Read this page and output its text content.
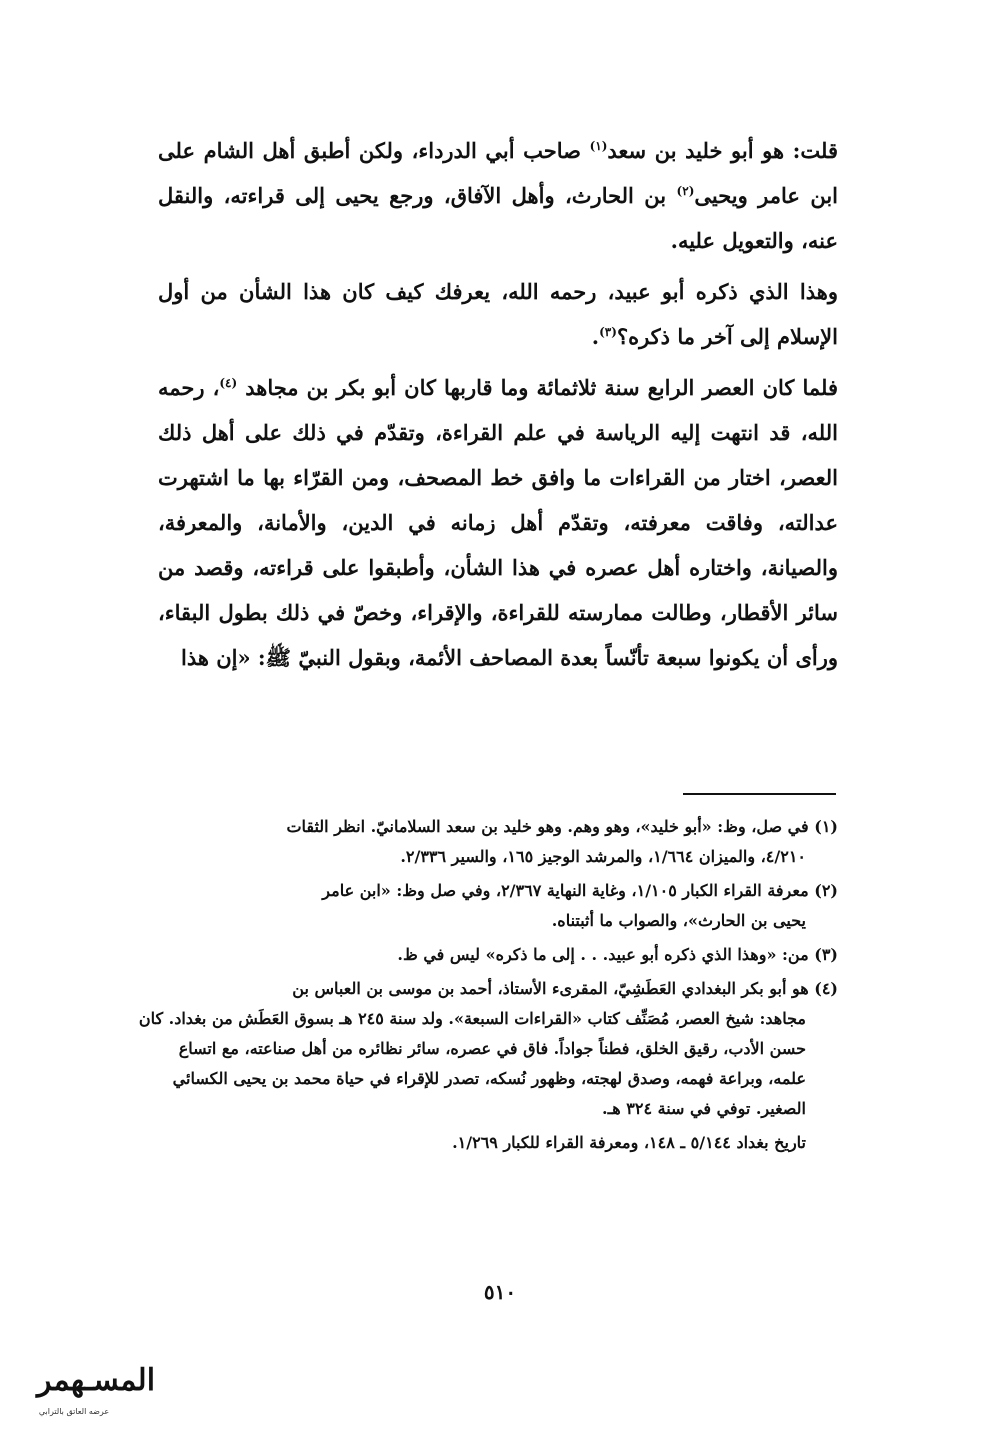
قلت: هو أبو خليد بن سعد$^{(١)}$ صاحب أبي الدرداء، ولكن أطبق أهل الشام على ابن عامر ويحيى$^{(٢)}$ بن الحارث، وأهل الآفاق، ورجع يحيى إلى قراءته، والنقل عنه، والتعويل عليه.

وهذا الذي ذكره أبو عبيد، رحمه الله، يعرفك كيف كان هذا الشأن من أول الإسلام إلى آخر ما ذكره؟$^{(٣)}$.

فلما كان العصر الرابع سنة ثلاثمائة وما قاربها كان أبو بكر بن مجاهد $^{(٤)}$، رحمه الله، قد انتهت إليه الرياسة في علم القراءة، وتقدّم في ذلك على أهل ذلك العصر، اختار من القراءات ما وافق خط المصحف، ومن القرّاء بها ما اشتهرت عدالته، وفاقت معرفته، وتقدّم أهل زمانه في الدين، والأمانة، والمعرفة، والصيانة، واختاره أهل عصره في هذا الشأن، وأطبقوا على قراءته، وقصد من سائر الأقطار، وطالت ممارسته للقراءة، والإقراء، وخصّ في ذلك بطول البقاء، ورأى أن يكونوا سبعة تأنّساً بعدة المصاحف الأئمة، وبقول النبيّ ﷺ: «إن هذا

(١) في صل، وظ: «أبو خليد»، وهو وهم. وهو خليد بن سعد السلامانيّ. انظر الثقات
٤/٢١٠، والميزان ١/٦٦٤، والمرشد الوجيز ١٦٥، والسير ٢/٣٣٦.

(٢) معرفة القراء الكبار ١/١٠٥، وغاية النهاية ٢/٣٦٧، وفي صل وظ: «ابن عامر
يحيى بن الحارث»، والصواب ما أثبتناه.

(٣) من: «وهذا الذي ذكره أبو عبيد. . . إلى ما ذكره» ليس في ظ.

(٤) هو أبو بكر البغدادي العَطَشِيّ، المقرىء الأستاذ، أحمد بن موسى بن العباس بن
مجاهد: شيخ العصر، مُصَنِّف كتاب «القراءات السبعة». ولد سنة ٢٤٥ هـ بسوق العَطَش من بغداد. كان حسن الأدب، رقيق الخلق، فطناً جواداً. فاق في عصره، سائر نظائره من أهل صناعته، مع اتساع علمه، وبراعة فهمه، وصدق لهجته، وظهور نُسكه، تصدر للإقراء في حياة محمد بن يحيى الكسائي الصغير. توفي في سنة ٣٢٤ هـ.
تاريخ بغداد ٥/١٤٤ ـ ١٤٨، ومعرفة القراء للكبار ١/٢٦٩.

٥١٠
المسـهمر
عرضه العاتق بالترابي
